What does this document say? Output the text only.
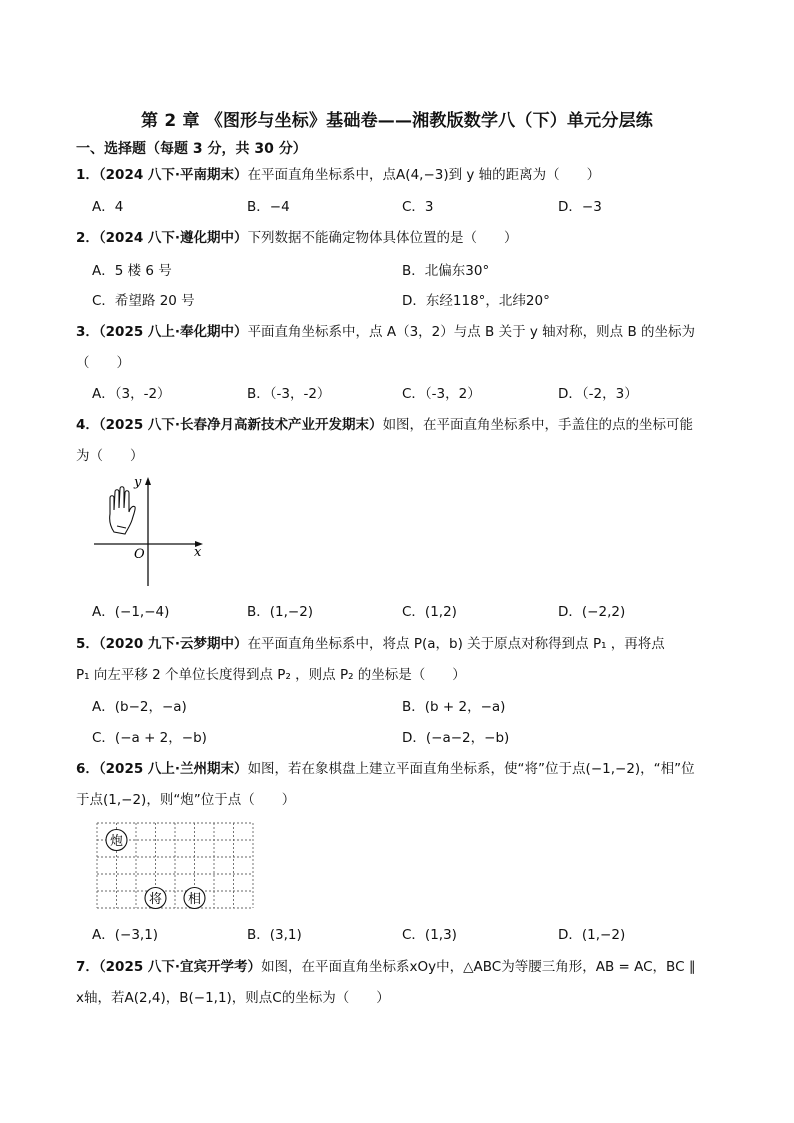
第 2 章 《图形与坐标》基础卷——湘教版数学八（下）单元分层练
一、选择题（每题 3 分，共 30 分）
1．（2024 八下·平南期末）在平面直角坐标系中，点A(4,−3)到 y 轴的距离为（　　）
A．4	B．−4	C．3	D．−3
2．（2024 八下·遵化期中）下列数据不能确定物体具体位置的是（　　）
A．5 楼 6 号	B．北偏东30°
C．希望路 20 号	D．东经118°，北纬20°
3．（2025 八上·奉化期中）平面直角坐标系中，点 A（3，2）与点 B 关于 y 轴对称，则点 B 的坐标为
（　　）
A．（3，-2）	B．（-3，-2）	C．（-3，2）	D．（-2，3）
4．（2025 八下·长春净月高新技术产业开发期末）如图，在平面直角坐标系中，手盖住的点的坐标可能
为（　　）
y
x
O
A．(−1,−4)	B．(1,−2)	C．(1,2)	D．(−2,2)
5．（2020 九下·云梦期中）在平面直角坐标系中，将点 P(a，b) 关于原点对称得到点 P₁ ，再将点
P₁ 向左平移 2 个单位长度得到点 P₂ ，则点 P₂ 的坐标是（　　）
A．(b−2，−a)	B．(b + 2，−a)
C．(−a + 2，−b)	D．(−a−2，−b)
6．（2025 八上·兰州期末）如图，若在象棋盘上建立平面直角坐标系，使“将”位于点(−1,−2)，“相”位
于点(1,−2)，则“炮”位于点（　　）
炮
将 相
A．(−3,1)	B．(3,1)	C．(1,3)	D．(1,−2)
7．（2025 八下·宜宾开学考）如图，在平面直角坐标系xOy中，△ABC为等腰三角形，AB = AC，BC ∥
x轴，若A(2,4)，B(−1,1)，则点C的坐标为（　　）
